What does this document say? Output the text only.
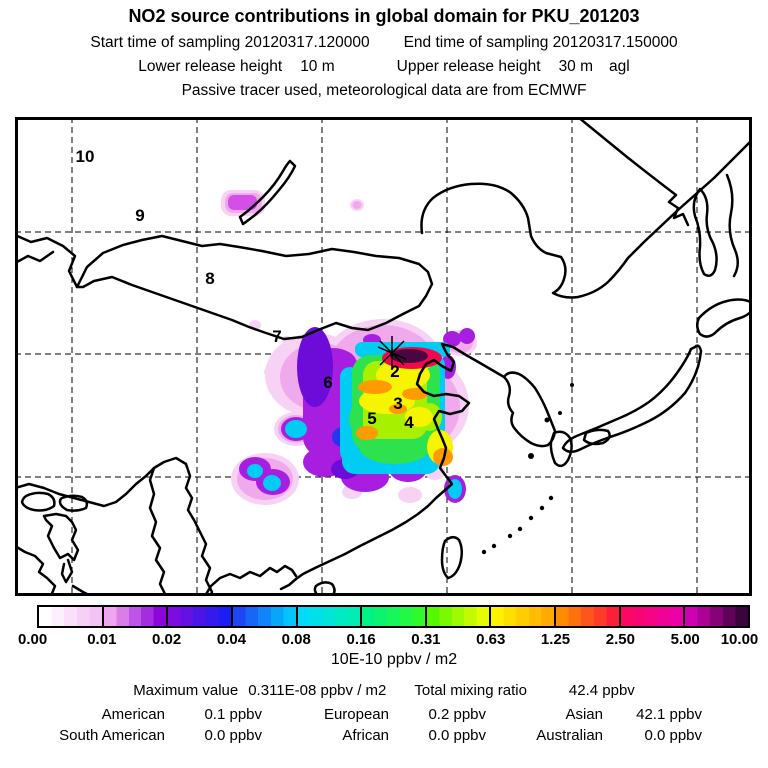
NO2 source contributions in global domain for PKU_201203
Start time of sampling 20120317.120000 End time of sampling 20120317.150000
Lower release height 10 m	Upper release height 30 m agl
Passive tracer used, meteorological data are from ECMWF
10
9
8
7
6
2
3
5 4
0.00	0.01 0.02 0.04 0.08 0.16 0.31 0.63 1.25 2.50 5.00 10.00
10E-10 ppbv / m2
Maximum value 0.311E-08 ppbv / m2 Total mixing ratio	42.4 ppbv
American	0.1 ppbv	European	0.2 ppbv	Asian	42.1 ppbv
South American	0.0 ppbv	African	0.0 ppbv	Australian	0.0 ppbv
